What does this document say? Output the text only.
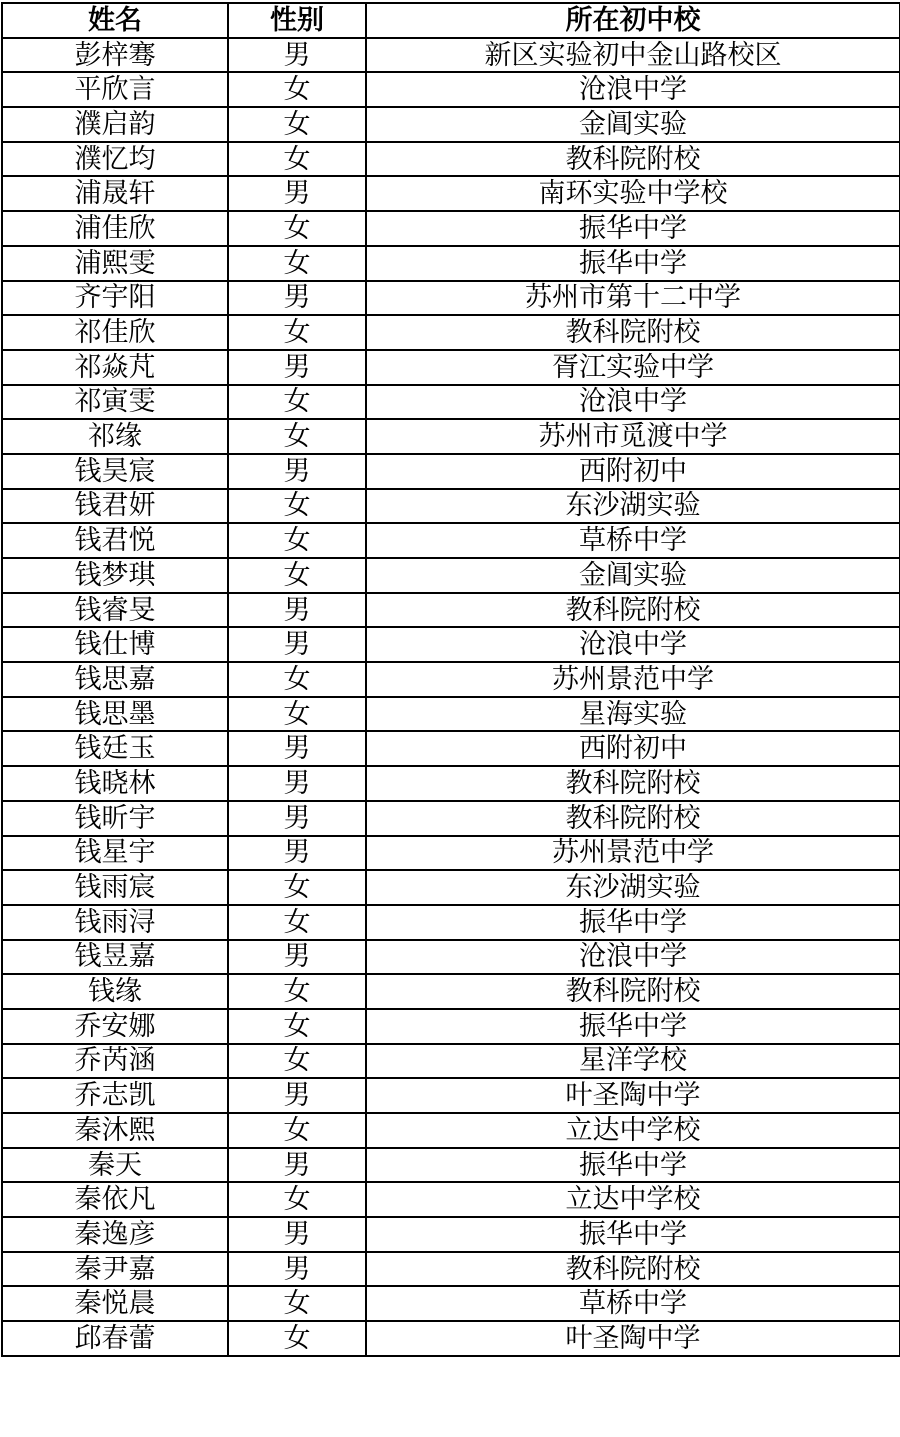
姓名	性别	所在初中校
彭梓骞	男	新区实验初中金山路校区
平欣言	女	沧浪中学
濮启韵	女	金阊实验
濮忆均	女	教科院附校
浦晟轩	男	南环实验中学校
浦佳欣	女	振华中学
浦熙雯	女	振华中学
齐宇阳	男	苏州市第十二中学
祁佳欣	女	教科院附校
祁焱芃	男	胥江实验中学
祁寅雯	女	沧浪中学
祁缘	女	苏州市觅渡中学
钱昊宸	男	西附初中
钱君妍	女	东沙湖实验
钱君悦	女	草桥中学
钱梦琪	女	金阊实验
钱睿旻	男	教科院附校
钱仕博	男	沧浪中学
钱思嘉	女	苏州景范中学
钱思墨	女	星海实验
钱廷玉	男	西附初中
钱晓林	男	教科院附校
钱昕宇	男	教科院附校
钱星宇	男	苏州景范中学
钱雨宸	女	东沙湖实验
钱雨浔	女	振华中学
钱昱嘉	男	沧浪中学
钱缘	女	教科院附校
乔安娜	女	振华中学
乔芮涵	女	星洋学校
乔志凯	男	叶圣陶中学
秦沐熙	女	立达中学校
秦天	男	振华中学
秦依凡	女	立达中学校
秦逸彦	男	振华中学
秦尹嘉	男	教科院附校
秦悦晨	女	草桥中学
邱春蕾	女	叶圣陶中学
